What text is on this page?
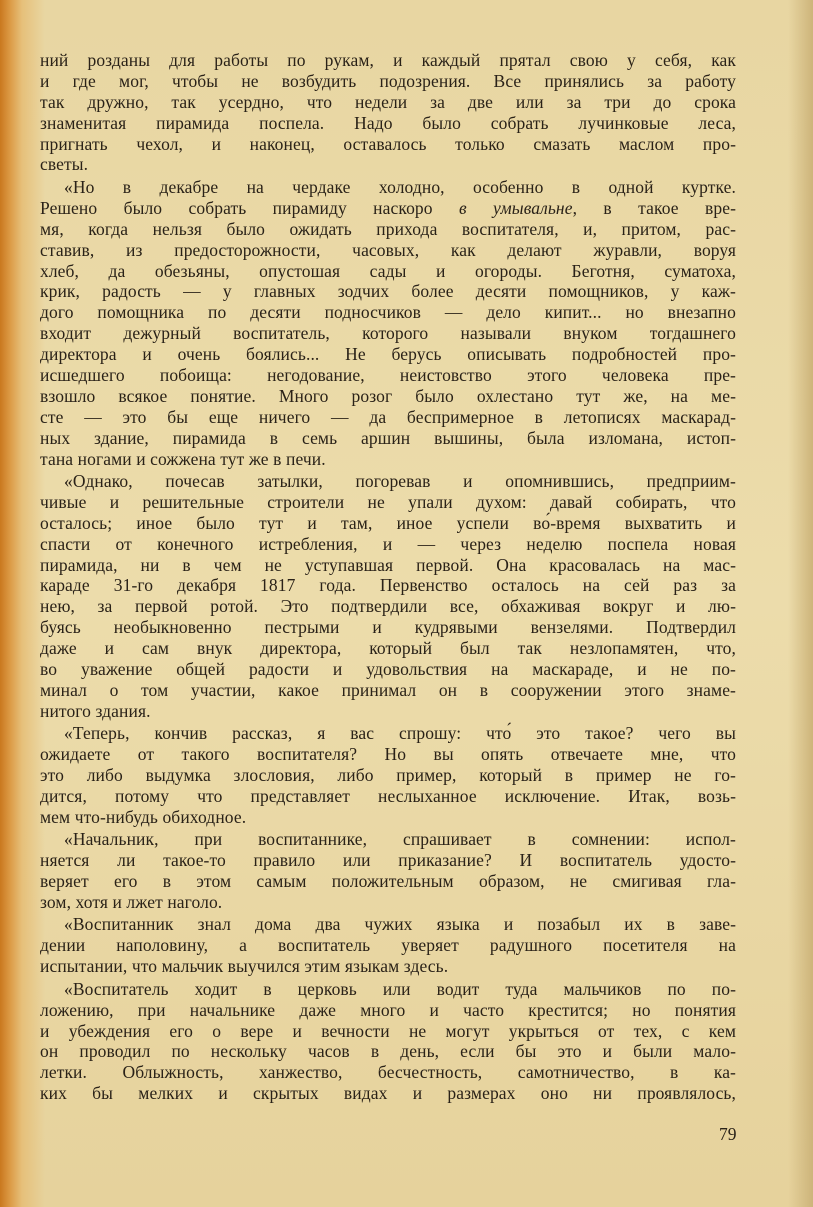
ний розданы для работы по рукам, и каждый прятал свою у себя, как
и где мог, чтобы не возбудить подозрения. Все принялись за работу
так дружно, так усердно, что недели за две или за три до срока
знаменитая пирамида поспела. Надо было собрать лучинковые леса,
пригнать чехол, и наконец, оставалось только смазать маслом про-
светы.
«Но в декабре на чердаке холодно, особенно в одной куртке.
Решено было собрать пирамиду наскоро в умывальне, в такое вре-
мя, когда нельзя было ожидать прихода воспитателя, и, притом, рас-
ставив, из предосторожности, часовых, как делают журавли, воруя
хлеб, да обезьяны, опустошая сады и огороды. Беготня, суматоха,
крик, радость — у главных зодчих более десяти помощников, у каж-
дого помощника по десяти подносчиков — дело кипит... но внезапно
входит дежурный воспитатель, которого называли внуком тогдашнего
директора и очень боялись... Не берусь описывать подробностей про-
исшедшего побоища: негодование, неистовство этого человека пре-
взошло всякое понятие. Много розог было охлестано тут же, на ме-
сте — это бы еще ничего — да беспримерное в летописях маскарад-
ных здание, пирамида в семь аршин вышины, была изломана, истоп-
тана ногами и сожжена тут же в печи.
«Однако, почесав затылки, погоревав и опомнившись, предприим-
чивые и решительные строители не упали духом: давай собирать, что
осталось; иное было тут и там, иное успели во́-время выхватить и
спасти от конечного истребления, и — через неделю поспела новая
пирамида, ни в чем не уступавшая первой. Она красовалась на мас-
караде 31-го декабря 1817 года. Первенство осталось на сей раз за
нею, за первой ротой. Это подтвердили все, обхаживая вокруг и лю-
буясь необыкновенно пестрыми и кудрявыми вензелями. Подтвердил
даже и сам внук директора, который был так незлопамятен, что,
во уважение общей радости и удовольствия на маскараде, и не по-
минал о том участии, какое принимал он в сооружении этого знаме-
нитого здания.
«Теперь, кончив рассказ, я вас спрошу: что́ это такое? чего вы
ожидаете от такого воспитателя? Но вы опять отвечаете мне, что
это либо выдумка злословия, либо пример, который в пример не го-
дится, потому что представляет неслыханное исключение. Итак, возь-
мем что-нибудь обиходное.
«Начальник, при воспитаннике, спрашивает в сомнении: испол-
няется ли такое-то правило или приказание? И воспитатель удосто-
веряет его в этом самым положительным образом, не смигивая гла-
зом, хотя и лжет наголо.
«Воспитанник знал дома два чужих языка и позабыл их в заве-
дении наполовину, а воспитатель уверяет радушного посетителя на
испытании, что мальчик выучился этим языкам здесь.
«Воспитатель ходит в церковь или водит туда мальчиков по по-
ложению, при начальнике даже много и часто крестится; но понятия
и убеждения его о вере и вечности не могут укрыться от тех, с кем
он проводил по нескольку часов в день, если бы это и были мало-
летки. Облыжность, ханжество, бесчестность, самотничество, в ка-
ких бы мелких и скрытых видах и размерах оно ни проявлялось,
79
